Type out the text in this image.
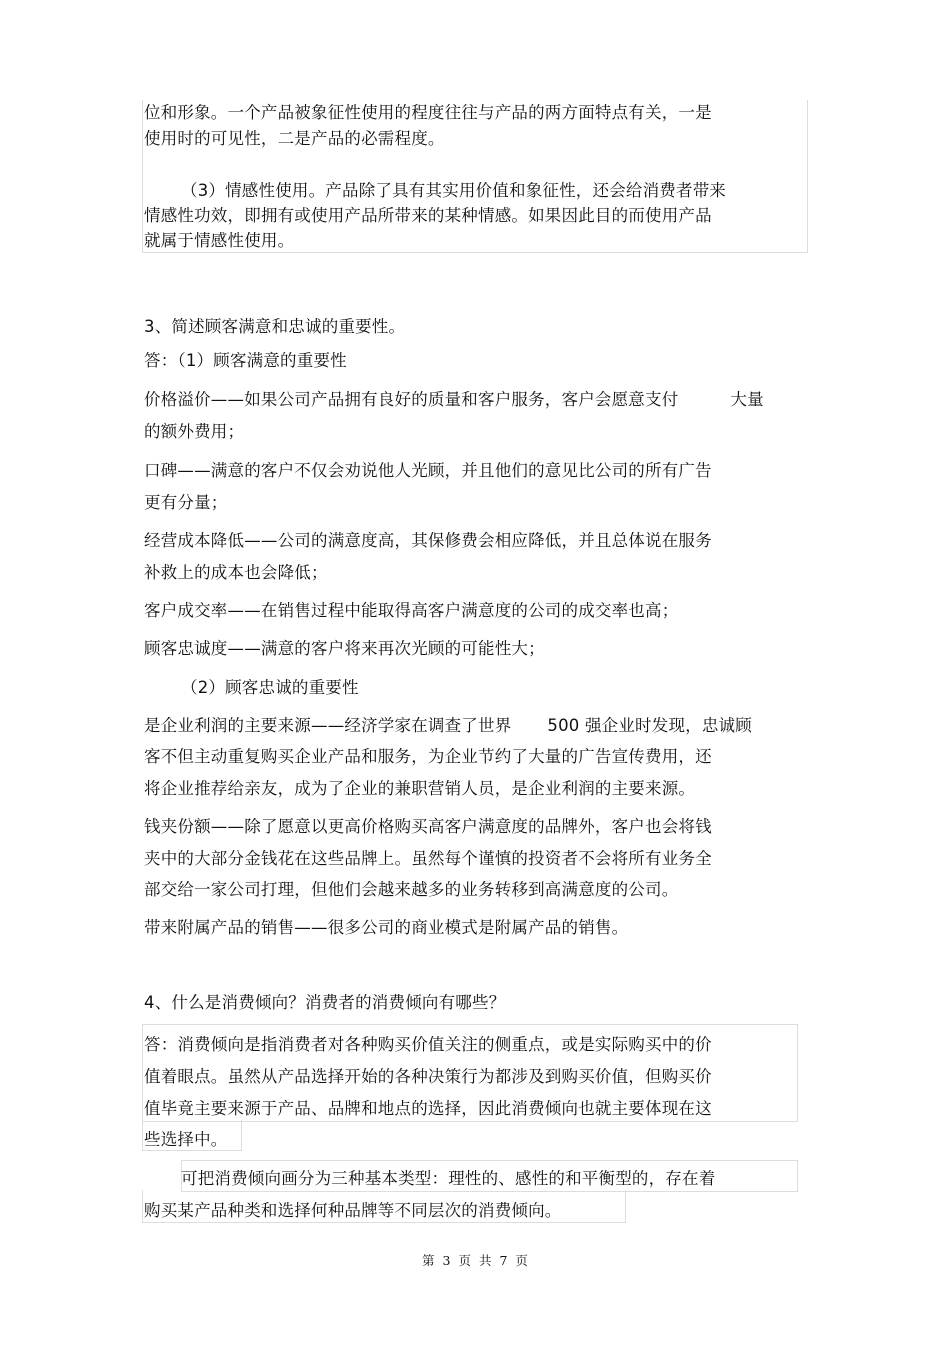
位和形象。一个产品被象征性使用的程度往往与产品的两方面特点有关，一是
使用时的可见性，二是产品的必需程度。
（3）情感性使用。产品除了具有其实用价值和象征性，还会给消费者带来
情感性功效，即拥有或使用产品所带来的某种情感。如果因此目的而使用产品
就属于情感性使用。
3、简述顾客满意和忠诚的重要性。
答：（1）顾客满意的重要性
价格溢价——如果公司产品拥有良好的质量和客户服务，客户会愿意支付	大量
的额外费用；
口碑——满意的客户不仅会劝说他人光顾，并且他们的意见比公司的所有广告
更有分量；
经营成本降低——公司的满意度高，其保修费会相应降低，并且总体说在服务
补救上的成本也会降低；
客户成交率——在销售过程中能取得高客户满意度的公司的成交率也高；
顾客忠诚度——满意的客户将来再次光顾的可能性大；
（2）顾客忠诚的重要性
是企业利润的主要来源——经济学家在调查了世界 500 强企业时发现，忠诚顾
客不但主动重复购买企业产品和服务，为企业节约了大量的广告宣传费用，还
将企业推荐给亲友，成为了企业的兼职营销人员，是企业利润的主要来源。
钱夹份额——除了愿意以更高价格购买高客户满意度的品牌外，客户也会将钱
夹中的大部分金钱花在这些品牌上。虽然每个谨慎的投资者不会将所有业务全
部交给一家公司打理，但他们会越来越多的业务转移到高满意度的公司。
带来附属产品的销售——很多公司的商业模式是附属产品的销售。
4、什么是消费倾向？消费者的消费倾向有哪些？
答：消费倾向是指消费者对各种购买价值关注的侧重点，或是实际购买中的价
值着眼点。虽然从产品选择开始的各种决策行为都涉及到购买价值，但购买价
值毕竟主要来源于产品、品牌和地点的选择，因此消费倾向也就主要体现在这
些选择中。
可把消费倾向画分为三种基本类型：理性的、感性的和平衡型的，存在着
购买某产品种类和选择何种品牌等不同层次的消费倾向。
第 3 页 共 7 页
